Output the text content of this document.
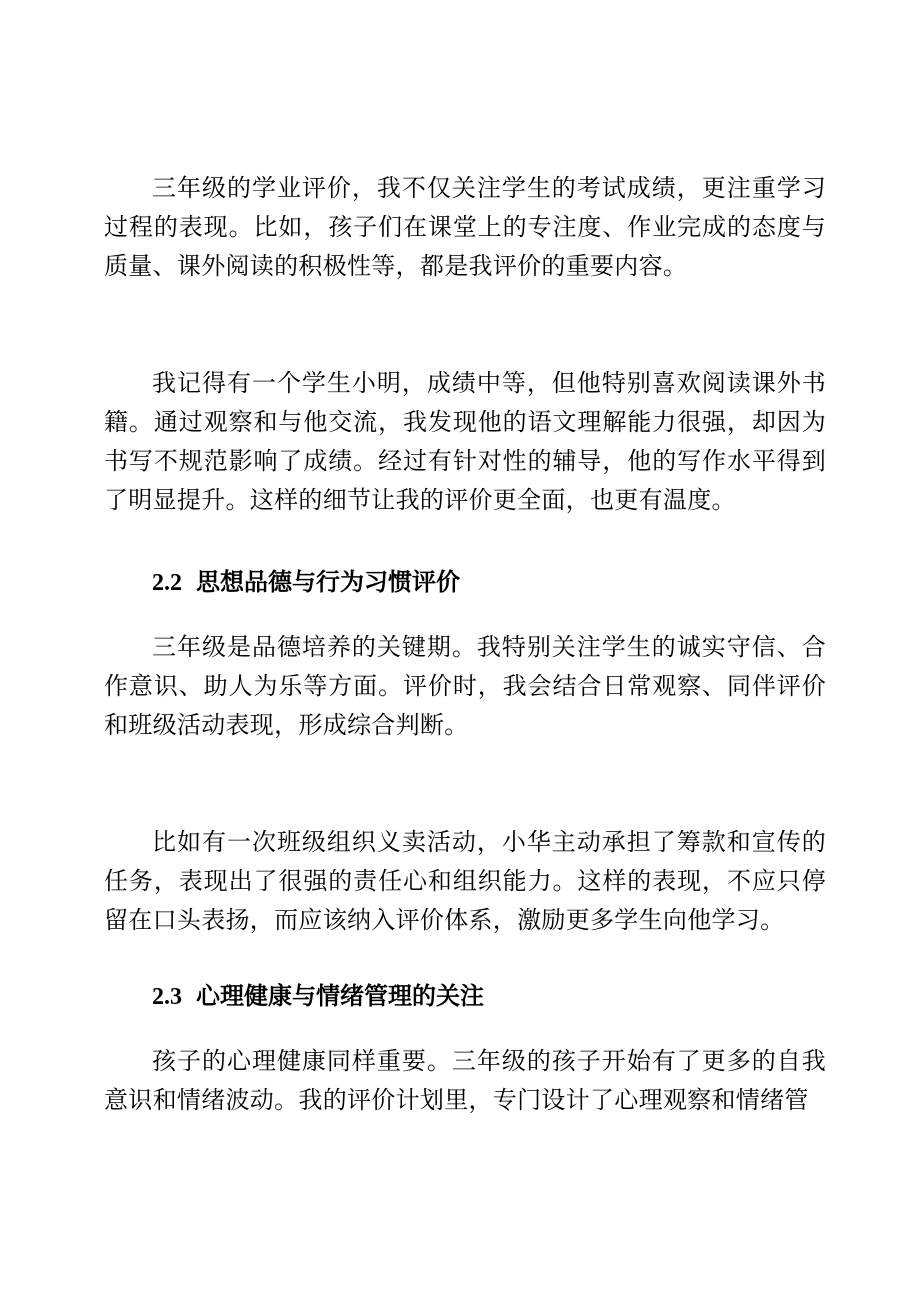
三年级的学业评价，我不仅关注学生的考试成绩，更注重学习过程的表现。比如，孩子们在课堂上的专注度、作业完成的态度与质量、课外阅读的积极性等，都是我评价的重要内容。

我记得有一个学生小明，成绩中等，但他特别喜欢阅读课外书籍。通过观察和与他交流，我发现他的语文理解能力很强，却因为书写不规范影响了成绩。经过有针对性的辅导，他的写作水平得到了明显提升。这样的细节让我的评价更全面，也更有温度。

2.2 思想品德与行为习惯评价

三年级是品德培养的关键期。我特别关注学生的诚实守信、合作意识、助人为乐等方面。评价时，我会结合日常观察、同伴评价和班级活动表现，形成综合判断。

比如有一次班级组织义卖活动，小华主动承担了筹款和宣传的任务，表现出了很强的责任心和组织能力。这样的表现，不应只停留在口头表扬，而应该纳入评价体系，激励更多学生向他学习。

2.3 心理健康与情绪管理的关注

孩子的心理健康同样重要。三年级的孩子开始有了更多的自我意识和情绪波动。我的评价计划里，专门设计了心理观察和情绪管
